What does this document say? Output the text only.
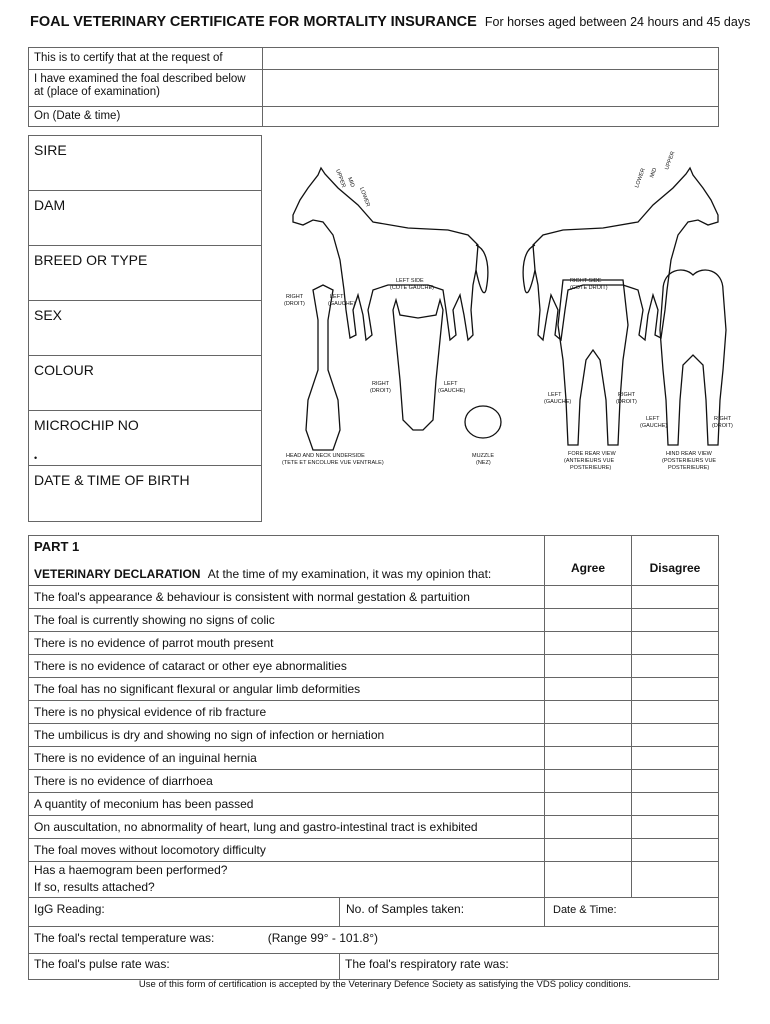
FOAL VETERINARY CERTIFICATE FOR MORTALITY INSURANCE For horses aged between 24 hours and 45 days
This is to certify that at the request of	

I have examined the foal described below
at (place of examination)	

On (Date & time)	
SIRE
DAM
BREED OR TYPE
SEX
COLOUR
MICROCHIP NO
•
DATE & TIME OF BIRTH
UPPER MID
LOWER
UPPER
MID
LOWER
LEFT SIDE
(COTE GAUCHE)
RIGHT SIDE
(COTE DROIT)
RIGHT
(DROIT)
LEFT
(GAUCHE)
RIGHT
(DROIT)
LEFT
(GAUCHE)
LEFT
(GAUCHE)
RIGHT
(DROIT)
LEFT
(GAUCHE)
RIGHT
(DROIT)
HEAD AND NECK UNDERSIDE
(TETE ET ENCOLURE VUE VENTRALE)
MUZZLE
(NEZ)
FORE REAR VIEW
(ANTERIEURS VUE
POSTERIEURE)
HIND REAR VIEW
(POSTERIEURS VUE
POSTERIEURE)
PART 1
VETERINARY DECLARATION At the time of my examination, it was my opinion that:		Agree	Disagree
The foal's appearance & behaviour is consistent with normal gestation & partuition			
The foal is currently showing no signs of colic			
There is no evidence of parrot mouth present			
There is no evidence of cataract or other eye abnormalities			
The foal has no significant flexural or angular limb deformities			
There is no physical evidence of rib fracture			
The umbilicus is dry and showing no sign of infection or herniation			
There is no evidence of an inguinal hernia			
There is no evidence of diarrhoea			
A quantity of meconium has been passed			
On auscultation, no abnormality of heart, lung and gastro-intestinal tract is exhibited			
The foal moves without locomotory difficulty			

Has a haemogram been performed?
If so, results attached?			

IgG Reading:	No. of Samples taken:	Date & Time:	
The foal's rectal temperature was: (Range 99° - 101.8°)			
The foal's pulse rate was:	The foal's respiratory rate was:		
Use of this form of certification is accepted by the Veterinary Defence Society as satisfying the VDS policy conditions.
